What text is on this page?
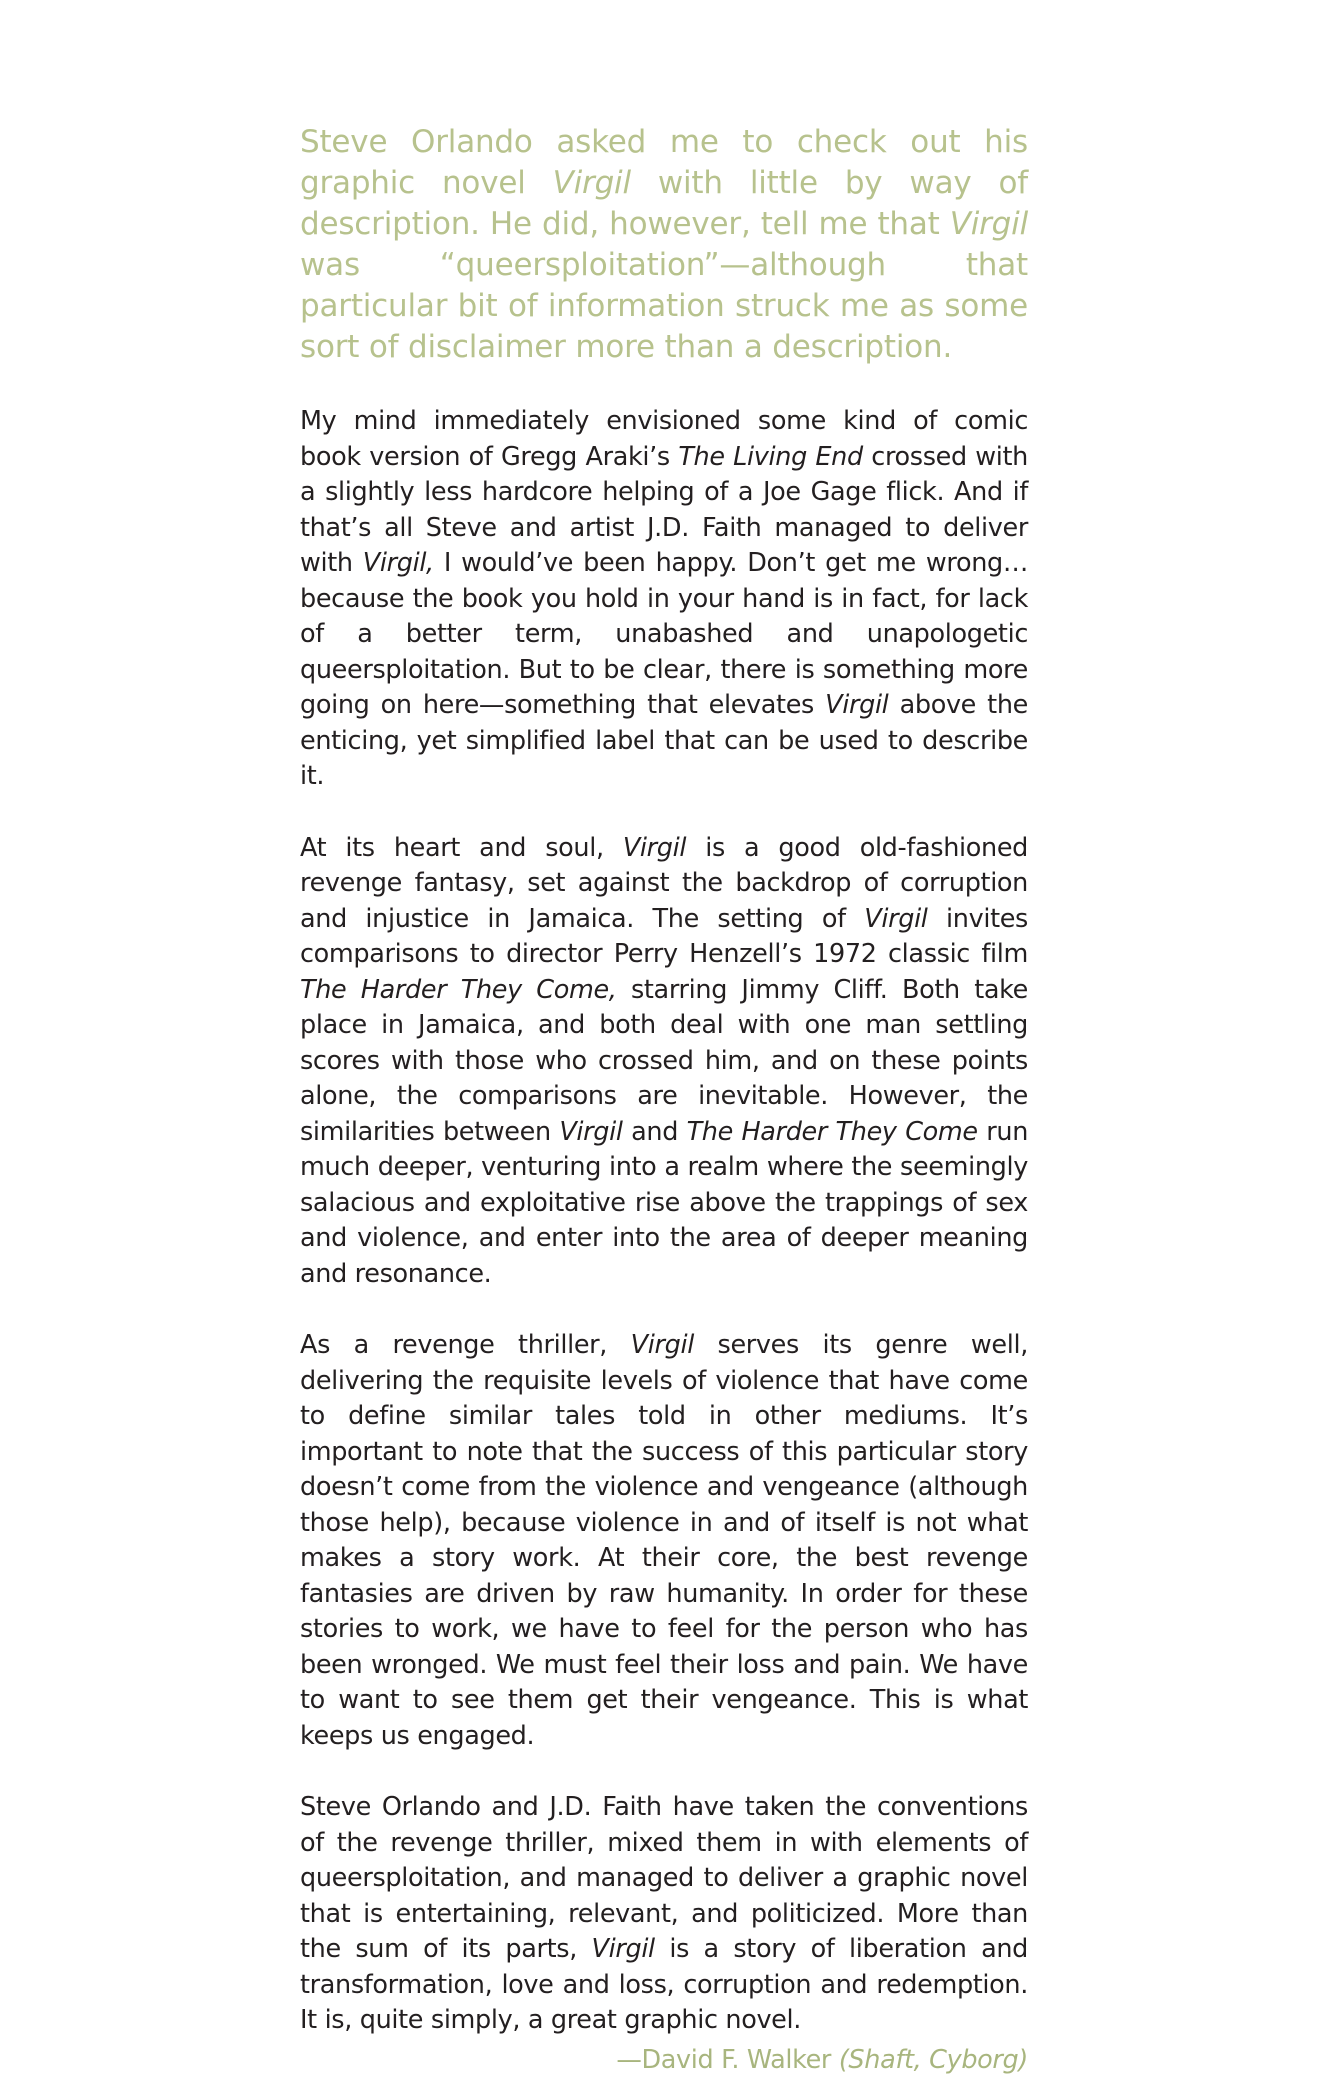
Steve Orlando asked me to check out his graphic novel Virgil with little by way of description. He did, however, tell me that Virgil was “queersploitation”—although that particular bit of information struck me as some sort of disclaimer more than a description.

My mind immediately envisioned some kind of comic book version of Gregg Araki’s The Living End crossed with a slightly less hardcore helping of a Joe Gage flick. And if that’s all Steve and artist J.D. Faith managed to deliver with Virgil, I would’ve been happy. Don’t get me wrong…because the book you hold in your hand is in fact, for lack of a better term, unabashed and unapologetic queersploitation. But to be clear, there is something more going on here—something that elevates Virgil above the enticing, yet simplified label that can be used to describe it.

At its heart and soul, Virgil is a good old-fashioned revenge fantasy, set against the backdrop of corruption and injustice in Jamaica. The setting of Virgil invites comparisons to director Perry Henzell’s 1972 classic film The Harder They Come, starring Jimmy Cliff. Both take place in Jamaica, and both deal with one man settling scores with those who crossed him, and on these points alone, the comparisons are inevitable. However, the similarities between Virgil and The Harder They Come run much deeper, venturing into a realm where the seemingly salacious and exploitative rise above the trappings of sex and violence, and enter into the area of deeper meaning and resonance.

As a revenge thriller, Virgil serves its genre well, delivering the requisite levels of violence that have come to define similar tales told in other mediums. It’s important to note that the success of this particular story doesn’t come from the violence and vengeance (although those help), because violence in and of itself is not what makes a story work. At their core, the best revenge fantasies are driven by raw humanity. In order for these stories to work, we have to feel for the person who has been wronged. We must feel their loss and pain. We have to want to see them get their vengeance. This is what keeps us engaged.

Steve Orlando and J.D. Faith have taken the conventions of the revenge thriller, mixed them in with elements of queersploitation, and managed to deliver a graphic novel that is entertaining, relevant, and politicized. More than the sum of its parts, Virgil is a story of liberation and transformation, love and loss, corruption and redemption. It is, quite simply, a great graphic novel.

—David F. Walker (Shaft, Cyborg)
